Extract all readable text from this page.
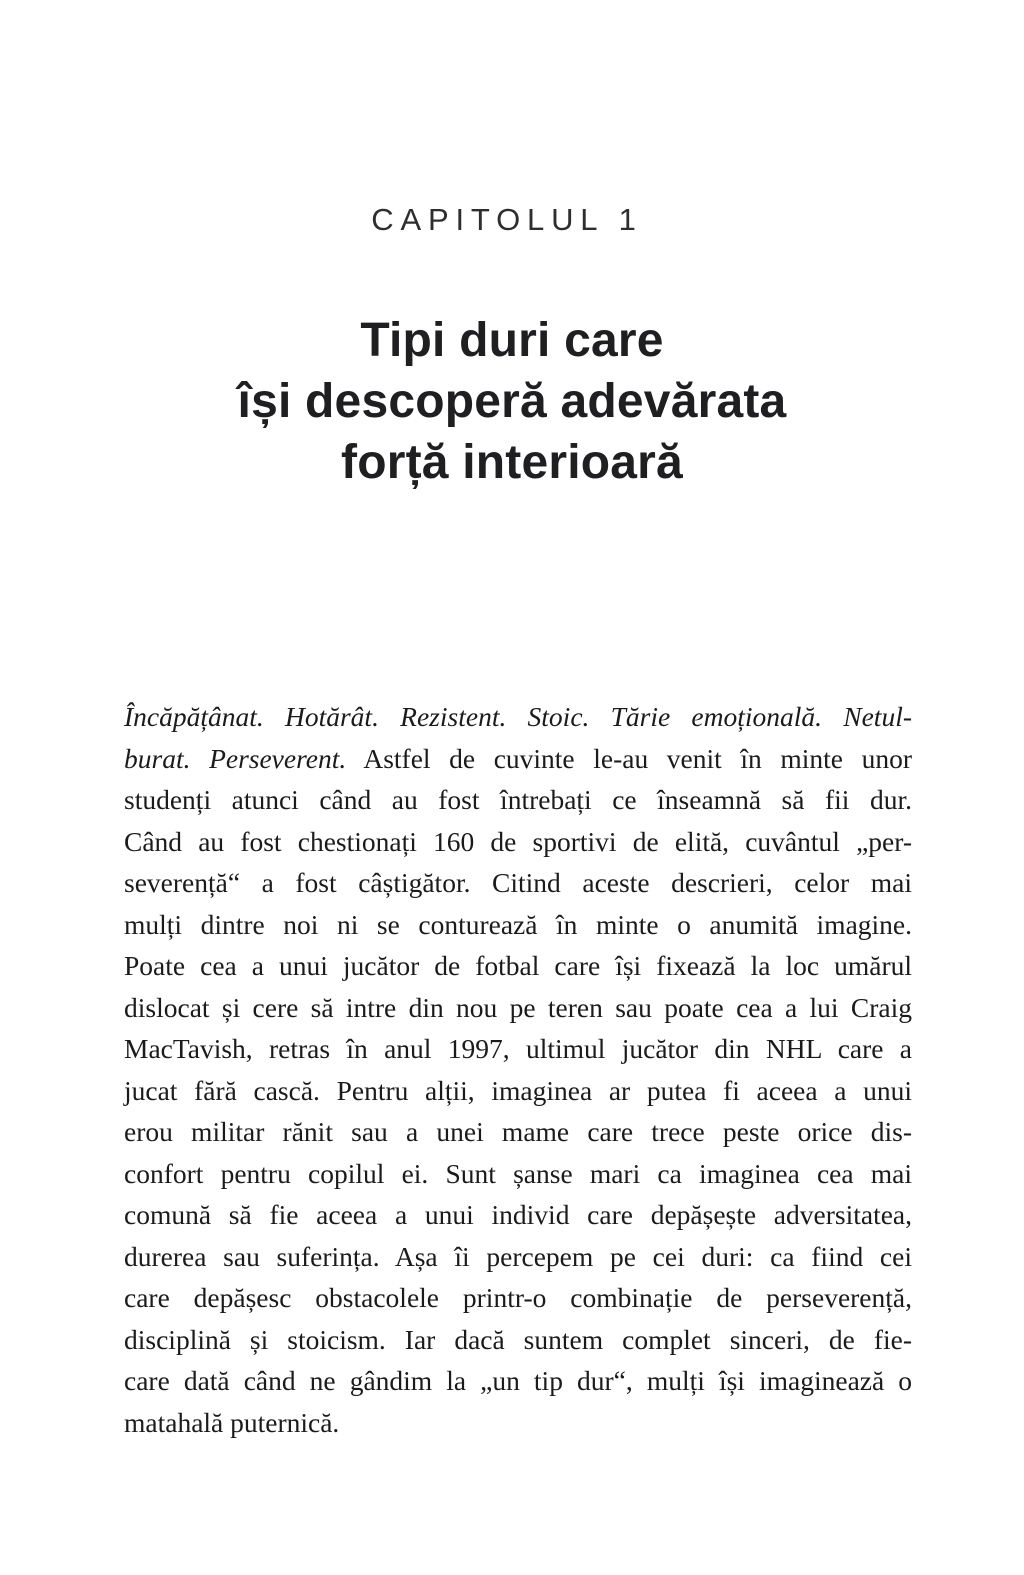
CAPITOLUL 1
Tipi duri care
își descoperă adevărata
forță interioară
Încăpățânat. Hotărât. Rezistent. Stoic. Tărie emoțională. Netul-
burat. Perseverent. Astfel de cuvinte le-au venit în minte unor
studenți atunci când au fost întrebați ce înseamnă să fii dur.
Când au fost chestionați 160 de sportivi de elită, cuvântul „per-
severență“ a fost câștigător. Citind aceste descrieri, celor mai
mulți dintre noi ni se conturează în minte o anumită imagine.
Poate cea a unui jucător de fotbal care își fixează la loc umărul
dislocat și cere să intre din nou pe teren sau poate cea a lui Craig
MacTavish, retras în anul 1997, ultimul jucător din NHL care a
jucat fără cască. Pentru alții, imaginea ar putea fi aceea a unui
erou militar rănit sau a unei mame care trece peste orice dis-
confort pentru copilul ei. Sunt șanse mari ca imaginea cea mai
comună să fie aceea a unui individ care depășește adversitatea,
durerea sau suferința. Așa îi percepem pe cei duri: ca fiind cei
care depășesc obstacolele printr-o combinație de perseverență,
disciplină și stoicism. Iar dacă suntem complet sinceri, de fie-
care dată când ne gândim la „un tip dur“, mulți își imaginează o
matahală puternică.
